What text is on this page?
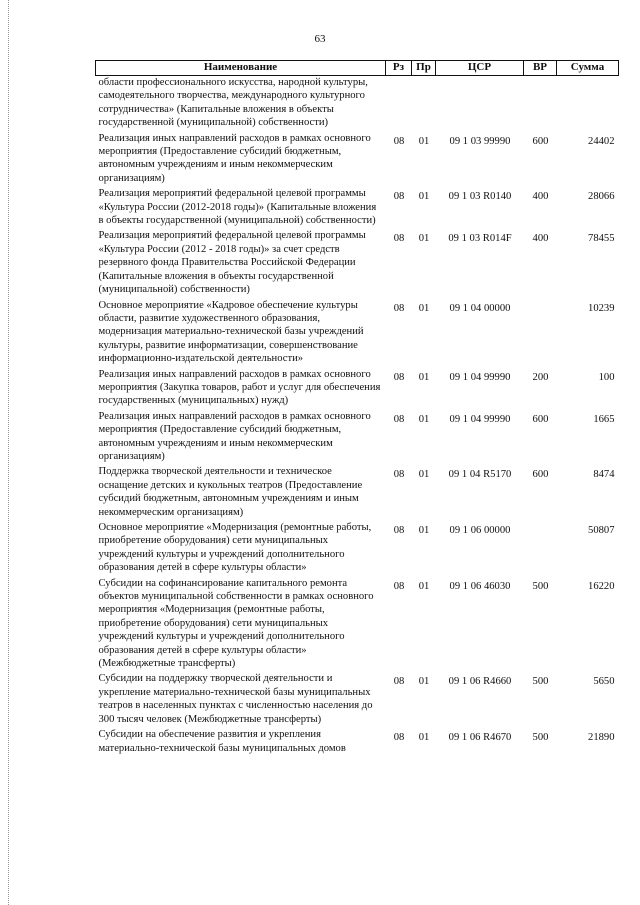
63
Наименование	Рз	Пр	ЦСР	ВР	Сумма
области профессионального искусства, народной культуры, самодеятельного творчества, международного культурного сотрудничества» (Капитальные вложения в объекты государственной (муниципальной) собственности)					
Реализация иных направлений расходов в рамках основного мероприятия (Предоставление субсидий бюджетным, автономным учреждениям и иным некоммерческим организациям)	08	01	09 1 03 99990	600	24402
Реализация мероприятий федеральной целевой программы «Культура России (2012-2018 годы)» (Капитальные вложения в объекты государственной (муниципальной) собственности)	08	01	09 1 03 R0140	400	28066
Реализация мероприятий федеральной целевой программы «Культура России (2012 - 2018 годы)» за счет средств резервного фонда Правительства Российской Федерации (Капитальные вложения в объекты государственной (муниципальной) собственности)	08	01	09 1 03 R014F	400	78455
Основное мероприятие «Кадровое обеспечение культуры области, развитие художественного образования, модернизация материально-технической базы учреждений культуры, развитие информатизации, совершенствование информационно-издательской деятельности»	08	01	09 1 04 00000		10239
Реализация иных направлений расходов в рамках основного мероприятия (Закупка товаров, работ и услуг для обеспечения государственных (муниципальных) нужд)	08	01	09 1 04 99990	200	100
Реализация иных направлений расходов в рамках основного мероприятия (Предоставление субсидий бюджетным, автономным учреждениям и иным некоммерческим организациям)	08	01	09 1 04 99990	600	1665
Поддержка творческой деятельности и техническое оснащение детских и кукольных театров (Предоставление субсидий бюджетным, автономным учреждениям и иным некоммерческим организациям)	08	01	09 1 04 R5170	600	8474
Основное мероприятие «Модернизация (ремонтные работы, приобретение оборудования) сети муниципальных учреждений культуры и учреждений дополнительного образования детей в сфере культуры области»	08	01	09 1 06 00000		50807
Субсидии на софинансирование капитального ремонта объектов муниципальной собственности в рамках основного мероприятия «Модернизация (ремонтные работы, приобретение оборудования) сети муниципальных учреждений культуры и учреждений дополнительного образования детей в сфере культуры области» (Межбюджетные трансферты)	08	01	09 1 06 46030	500	16220
Субсидии на поддержку творческой деятельности и укрепление материально-технической базы муниципальных театров в населенных пунктах с численностью населения до 300 тысяч человек (Межбюджетные трансферты)	08	01	09 1 06 R4660	500	5650
Субсидии на обеспечение развития и укрепления материально-технической базы муниципальных домов	08	01	09 1 06 R4670	500	21890
